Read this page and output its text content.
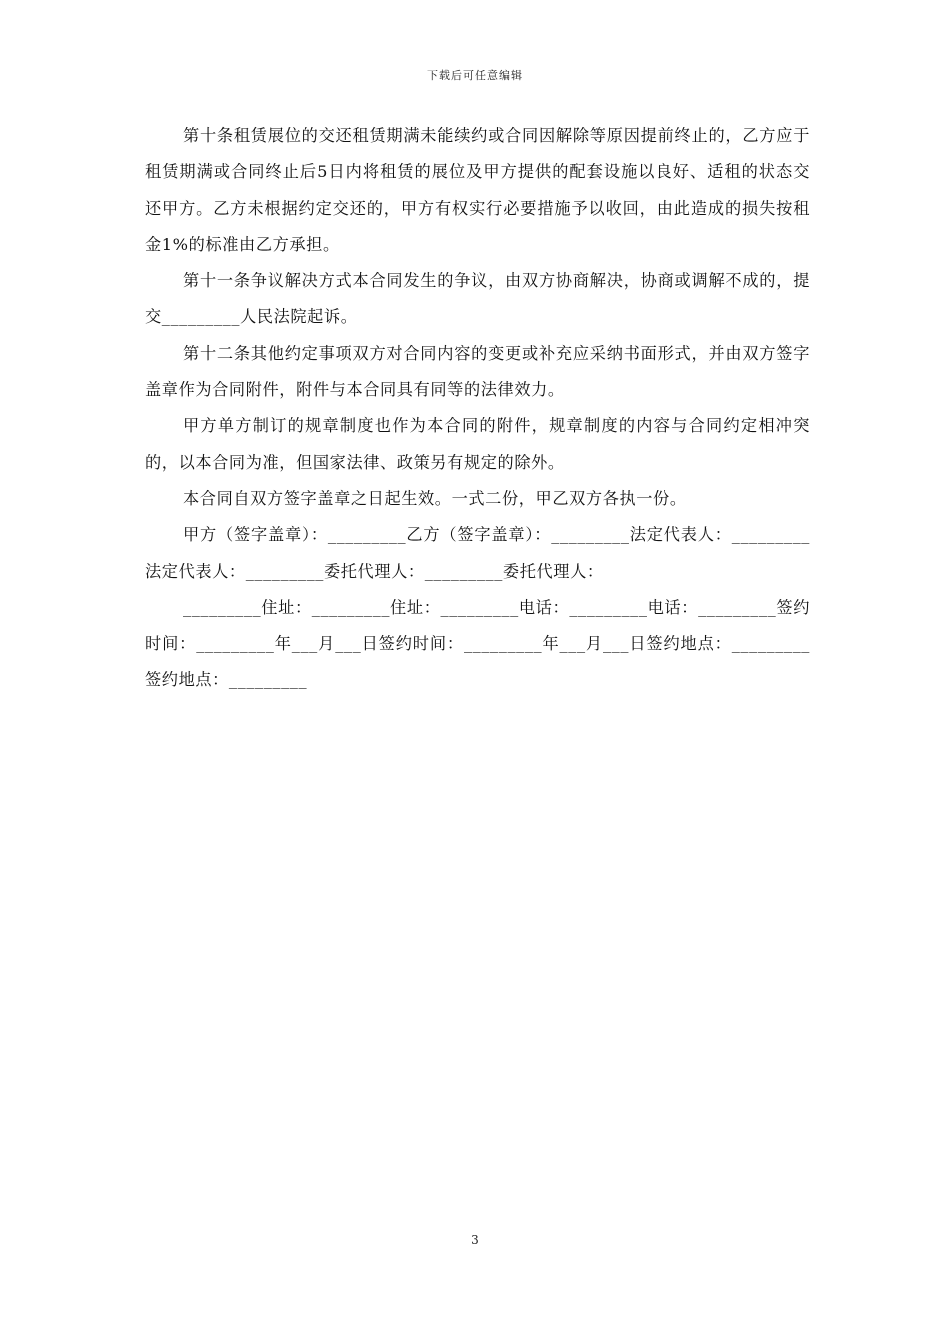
下载后可任意编辑

第十条租赁展位的交还租赁期满未能续约或合同因解除等原因提前终止的，乙方应于租赁期满或合同终止后5日内将租赁的展位及甲方提供的配套设施以良好、适租的状态交还甲方。乙方未根据约定交还的，甲方有权实行必要措施予以收回，由此造成的损失按租金1%的标准由乙方承担。

第十一条争议解决方式本合同发生的争议，由双方协商解决，协商或调解不成的，提交_________人民法院起诉。

第十二条其他约定事项双方对合同内容的变更或补充应采纳书面形式，并由双方签字盖章作为合同附件，附件与本合同具有同等的法律效力。

甲方单方制订的规章制度也作为本合同的附件，规章制度的内容与合同约定相冲突的，以本合同为准，但国家法律、政策另有规定的除外。

本合同自双方签字盖章之日起生效。一式二份，甲乙双方各执一份。

甲方（签字盖章）：_________乙方（签字盖章）：_________法定代表人：_________法定代表人：_________委托代理人：_________委托代理人：

_________住址：_________住址：_________电话：_________电话：_________签约时间：_________年___月___日签约时间：_________年___月___日签约地点：_________签约地点：_________

3
